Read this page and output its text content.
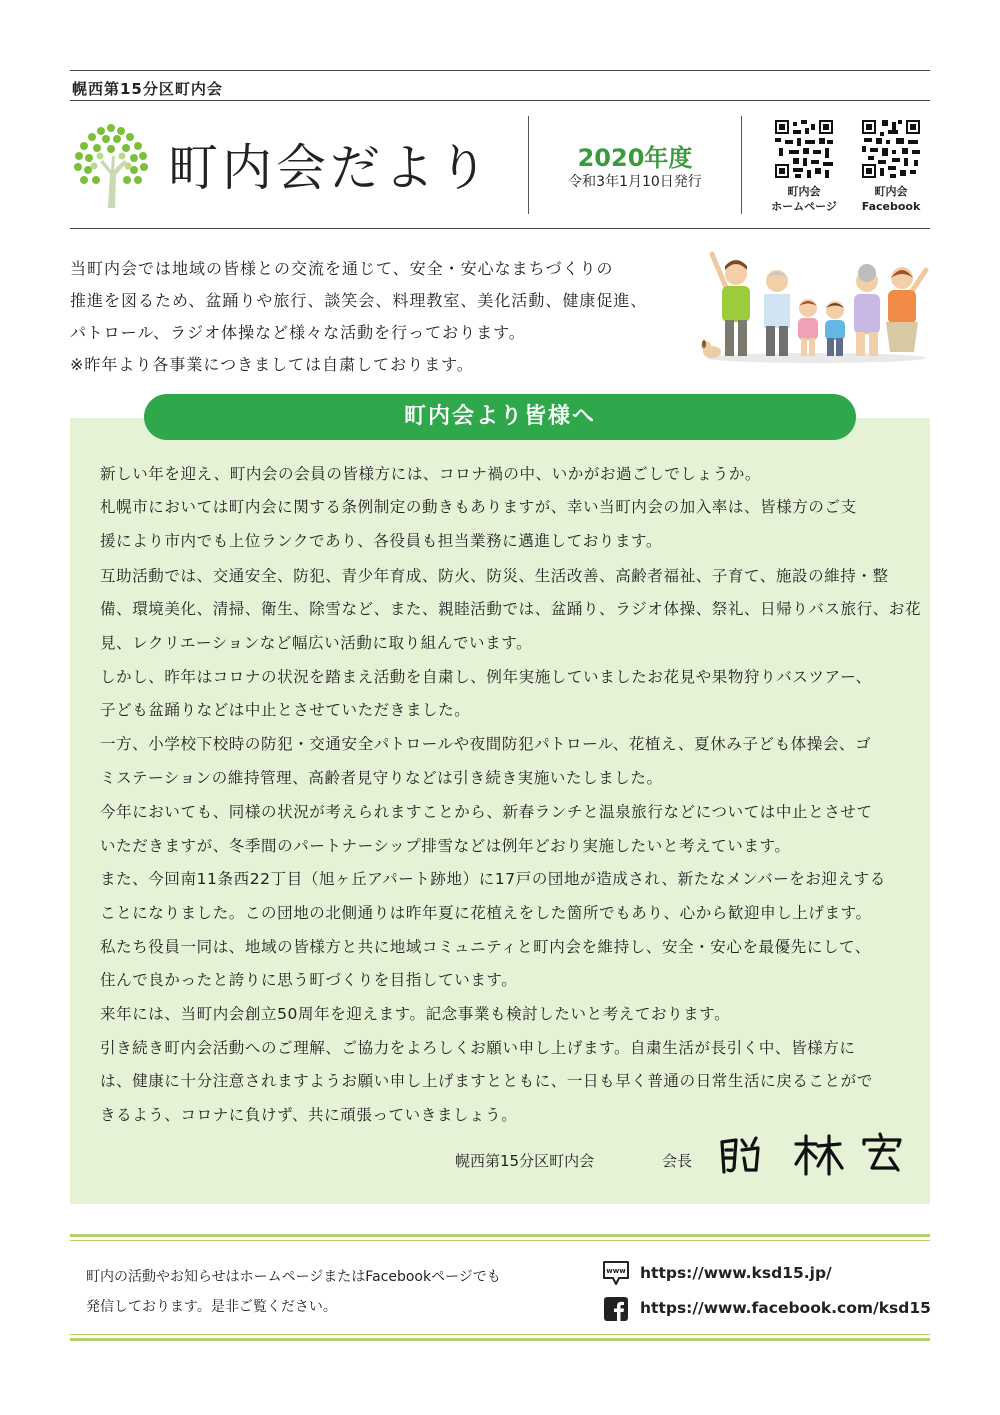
幌西第15分区町内会
町内会だより	2020年度
令和3年1月10日発行
町内会
ホームページ
町内会
Facebook
当町内会では地域の皆様との交流を通じて、安全・安心なまちづくりの
推進を図るため、盆踊りや旅行、談笑会、料理教室、美化活動、健康促進、
パトロール、ラジオ体操など様々な活動を行っております。
※昨年より各事業につきましては自粛しております。
町内会より皆様へ
新しい年を迎え、町内会の会員の皆様方には、コロナ禍の中、いかがお過ごしでしょうか。
札幌市においては町内会に関する条例制定の動きもありますが、幸い当町内会の加入率は、皆様方のご支
援により市内でも上位ランクであり、各役員も担当業務に邁進しております。
互助活動では、交通安全、防犯、青少年育成、防火、防災、生活改善、高齢者福祉、子育て、施設の維持・整
備、環境美化、清掃、衛生、除雪など、また、親睦活動では、盆踊り、ラジオ体操、祭礼、日帰りバス旅行、お花
見、レクリエーションなど幅広い活動に取り組んでいます。
しかし、昨年はコロナの状況を踏まえ活動を自粛し、例年実施していましたお花見や果物狩りバスツアー、
子ども盆踊りなどは中止とさせていただきました。
一方、小学校下校時の防犯・交通安全パトロールや夜間防犯パトロール、花植え、夏休み子ども体操会、ゴ
ミステーションの維持管理、高齢者見守りなどは引き続き実施いたしました。
今年においても、同様の状況が考えられますことから、新春ランチと温泉旅行などについては中止とさせて
いただきますが、冬季間のパートナーシップ排雪などは例年どおり実施したいと考えています。
また、今回南11条西22丁目（旭ヶ丘アパート跡地）に17戸の団地が造成され、新たなメンバーをお迎えする
ことになりました。この団地の北側通りは昨年夏に花植えをした箇所でもあり、心から歓迎申し上げます。
私たち役員一同は、地域の皆様方と共に地域コミュニティと町内会を維持し、安全・安心を最優先にして、
住んで良かったと誇りに思う町づくりを目指しています。
来年には、当町内会創立50周年を迎えます。記念事業も検討したいと考えております。
引き続き町内会活動へのご理解、ご協力をよろしくお願い申し上げます。自粛生活が長引く中、皆様方に
は、健康に十分注意されますようお願い申し上げますとともに、一日も早く普通の日常生活に戻ることがで
きるよう、コロナに負けず、共に頑張っていきましょう。
幌西第15分区町内会	会長
町内の活動やお知らせはホームページまたはFacebookページでも
発信しております。是非ご覧ください。
www https://www.ksd15.jp/
https://www.facebook.com/ksd15
